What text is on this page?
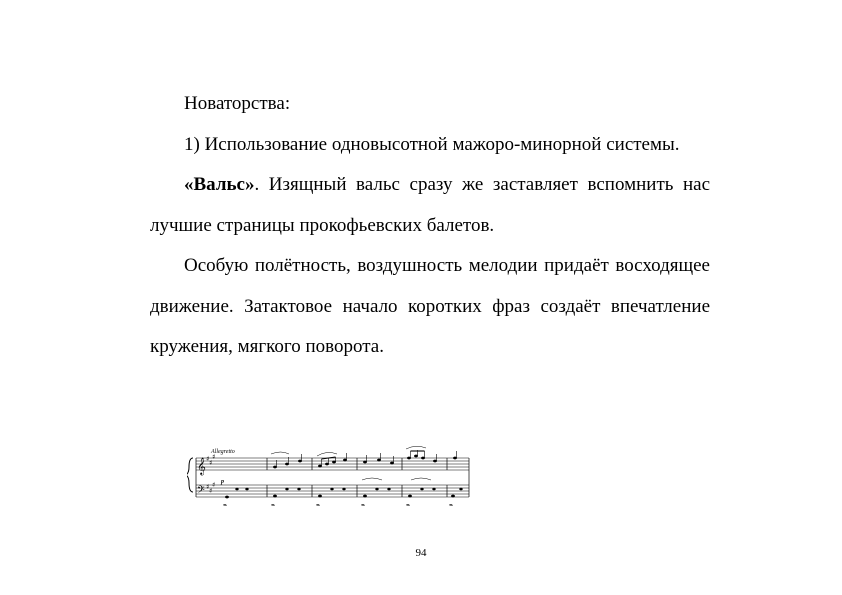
Новаторства:

1) Использование одновысотной мажоро-минорной системы.

«Вальс». Изящный вальс сразу же заставляет вспомнить нас лучшие страницы прокофьевских балетов.

Особую полётность, воздушность мелодии придаёт восходящее движение. Затактовое начало коротких фраз создаёт впечатление кружения, мягкого поворота.

Allegretto
𝄞
𝄢
♯ ♯
♯
♯ ♯
♯ p
𝆮	𝆮	𝆮	𝆮	𝆮	𝆮
94
